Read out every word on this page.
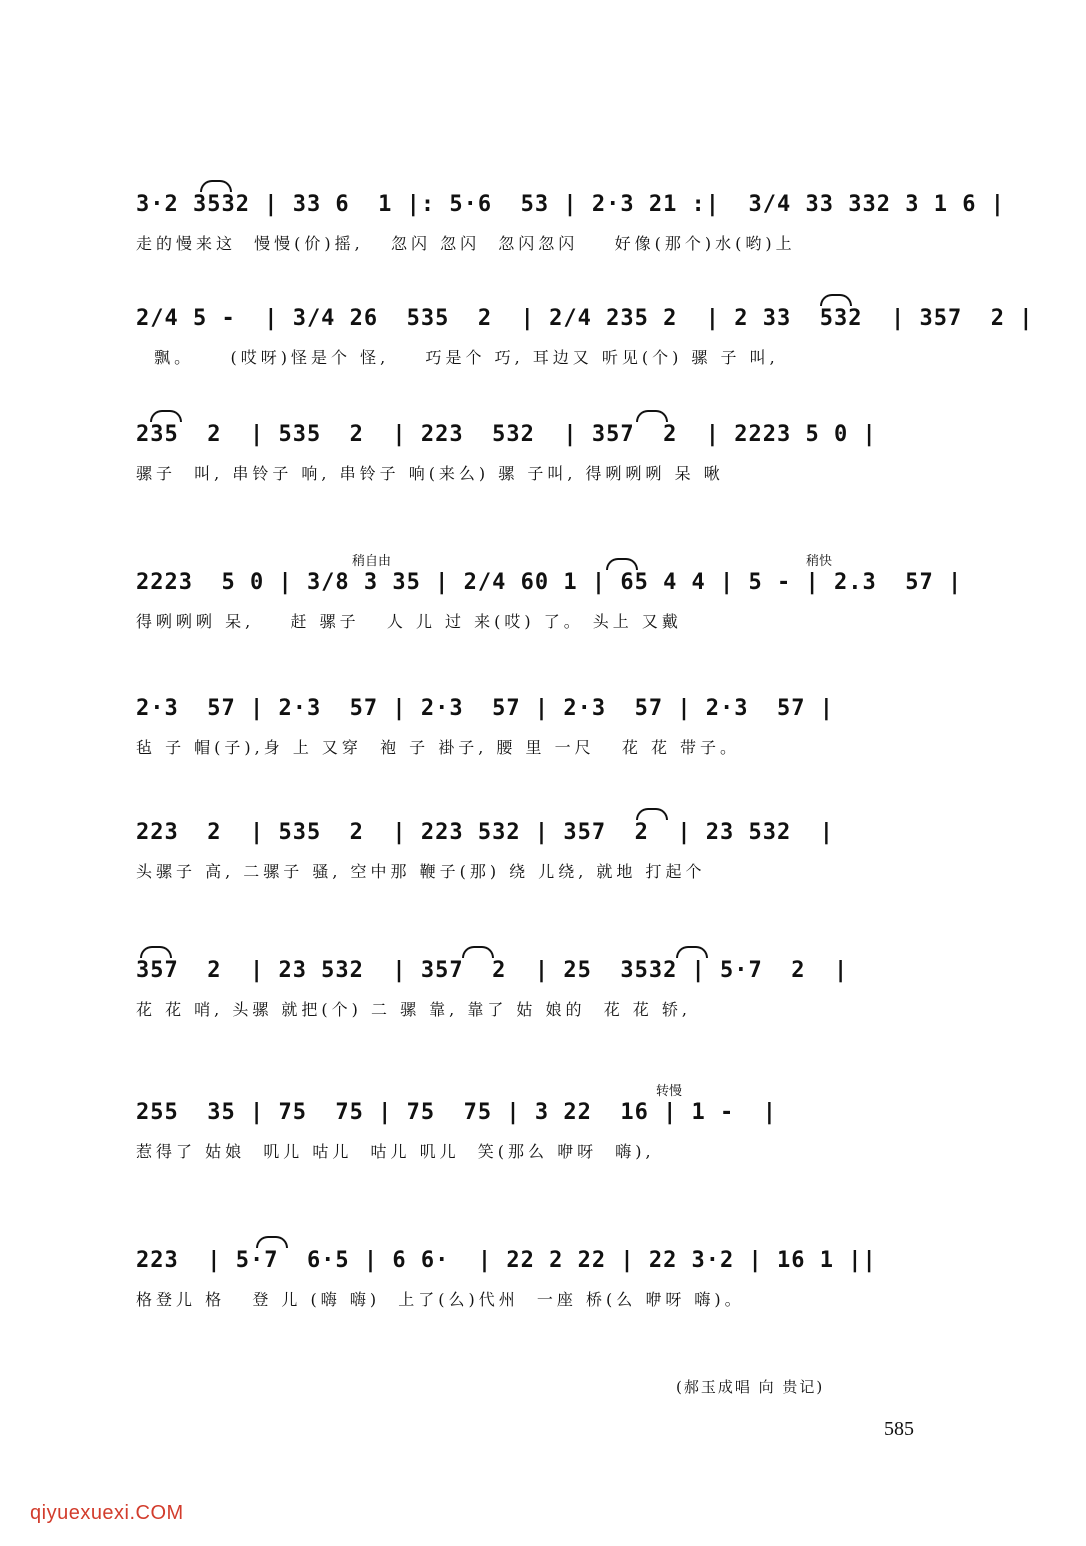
3·2 3532 | 33 6  1 |: 5·6  53 | 2·3 21 :|  3/4 33 332 3 1 6 |
走的慢来这  慢慢(价)摇,   忽闪 忽闪  忽闪忽闪    好像(那个)水(哟)上
2/4 5 -  | 3/4 26  535  2  | 2/4 235 2  | 2 33  532  | 357  2 |
飘。    (哎呀)怪是个 怪,    巧是个 巧, 耳边又 听见(个) 骡 子 叫,
235  2  | 535  2  | 223  532  | 357  2  | 2223 5 0 |
骡子  叫, 串铃子 响, 串铃子 响(来么) 骡 子叫, 得咧咧咧 呆 啾
稍自由	稍快
2223  5 0 | 3/8 3 35 | 2/4 60 1 | 65 4 4 | 5 - | 2.3  57 |
得咧咧咧 呆,    赶 骡子   人 儿 过 来(哎) 了。 头上 又戴
2·3  57 | 2·3  57 | 2·3  57 | 2·3  57 | 2·3  57 |
毡 子 帽(子),身 上 又穿  袍 子 褂子, 腰 里 一尺   花 花 带子。
223  2  | 535  2  | 223 532 | 357  2  | 23 532  |
头骡子 高, 二骡子 骚, 空中那 鞭子(那) 绕 儿绕, 就地 打起个
357  2  | 23 532  | 357  2  | 25  3532 | 5·7  2  |
花 花 哨, 头骡 就把(个) 二 骡 靠, 靠了 姑 娘的  花 花 轿,
转慢
255  35 | 75  75 | 75  75 | 3 22  16 | 1 -  |
惹得了 姑娘  叽儿 咕儿  咕儿 叽儿  笑(那么 咿呀  嗨),
223  | 5·7  6·5 | 6 6·  | 22 2 22 | 22 3·2 | 16 1 ||
格登儿 格   登 儿 (嗨 嗨)  上了(么)代州  一座 桥(么 咿呀 嗨)。
(郝玉成唱 向 贵记)
585
qiyuexuexi.COM
